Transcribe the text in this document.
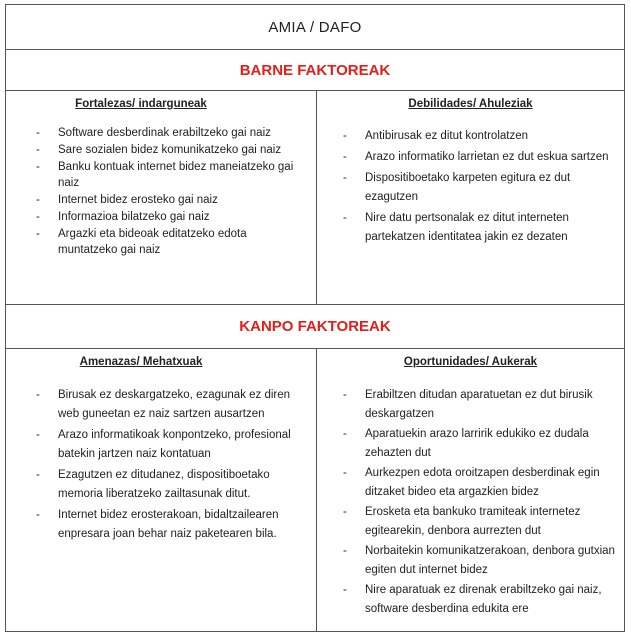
AMIA / DAFO
BARNE FAKTOREAK
Fortalezas/ indarguneak
- Software desberdinak erabiltzeko gai naiz
- Sare sozialen bidez komunikatzeko gai naiz
- Banku kontuak internet bidez maneiatzeko gai naiz
- Internet bidez erosteko gai naiz
- Informazioa bilatzeko gai naiz
- Argazki eta bideoak editatzeko edota muntatzeko gai naiz
Debilidades/ Ahuleziak
- Antibirusak ez ditut kontrolatzen
- Arazo informatiko larrietan ez dut eskua sartzen
- Dispositiboetako karpeten egitura ez dut ezagutzen
- Nire datu pertsonalak ez ditut interneten partekatzen identitatea jakin ez dezaten
KANPO FAKTOREAK
Amenazas/ Mehatxuak
- Birusak ez deskargatzeko, ezagunak ez diren web guneetan ez naiz sartzen ausartzen
- Arazo informatikoak konpontzeko, profesional batekin jartzen naiz kontatuan
- Ezagutzen ez ditudanez, dispositiboetako memoria liberatzeko zailtasunak ditut.
- Internet bidez erosterakoan, bidaltzailearen enpresara joan behar naiz paketearen bila.
Oportunidades/ Aukerak
- Erabiltzen ditudan aparatuetan ez dut birusik deskargatzen
- Aparatuekin arazo larririk edukiko ez dudala zehazten dut
- Aurkezpen edota oroitzapen desberdinak egin ditzaket bideo eta argazkien bidez
- Erosketa eta bankuko tramiteak internetez egitearekin, denbora aurrezten dut
- Norbaitekin komunikatzerakoan, denbora gutxian egiten dut internet bidez
- Nire aparatuak ez direnak erabiltzeko gai naiz, software desberdina edukita ere
